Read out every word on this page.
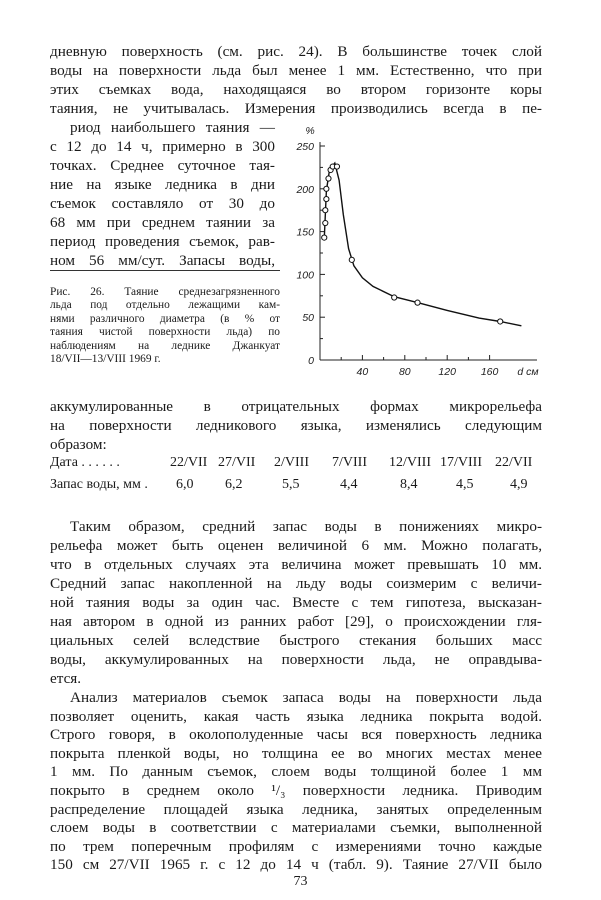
дневную поверхность (см. рис. 24). В большинстве точек слой
воды на поверхности льда был менее 1 мм. Естественно, что при
этих съемках вода, находящаяся во втором горизонте коры
таяния, не учитывалась. Измерения производились всегда в пе-
риод наибольшего таяния —
с 12 до 14 ч, примерно в 300
точках. Среднее суточное тая-
ние на языке ледника в дни
съемок составляло от 30 до
68 мм при среднем таянии за
период проведения съемок, рав-
ном 56 мм/сут. Запасы воды,
Рис. 26. Таяние среднезагрязненного
льда под отдельно лежащими кам-
нями различного диаметра (в % от
таяния чистой поверхности льда) по
наблюдениям на леднике Джанкуат
18/VII—13/VIII 1969 г.	0
50
100
150
200
250
40	80	120 160
%
d см
аккумулированные в отрицательных формах микрорельефа
на поверхности ледникового языка, изменялись следующим
образом:
Дата . . . . . .
Запас воды, мм .
22/VII 27/VII 2/VIII 7/VIII 12/VIII 17/VIII 22/VII
6,0 6,2	5,5	4,4	8,4	4,5	4,9
Таким образом, средний запас воды в понижениях микро-
рельефа может быть оценен величиной 6 мм. Можно полагать,
что в отдельных случаях эта величина может превышать 10 мм.
Средний запас накопленной на льду воды соизмерим с величи-
ной таяния воды за один час. Вместе с тем гипотеза, высказан-
ная автором в одной из ранних работ [29], о происхождении гля-
циальных селей вследствие быстрого стекания больших масс
воды, аккумулированных на поверхности льда, не оправдыва-
ется.
Анализ материалов съемок запаса воды на поверхности льда
позволяет оценить, какая часть языка ледника покрыта водой.
Строго говоря, в околополуденные часы вся поверхность ледника
покрыта пленкой воды, но толщина ее во многих местах менее
1 мм. По данным съемок, слоем воды толщиной более 1 мм
покрыто в среднем около ¹/₃ поверхности ледника. Приводим
распределение площадей языка ледника, занятых определенным
слоем воды в соответствии с материалами съемки, выполненной
по трем поперечным профилям с измерениями точно каждые
150 см 27/VII 1965 г. с 12 до 14 ч (табл. 9). Таяние 27/VII было
73
